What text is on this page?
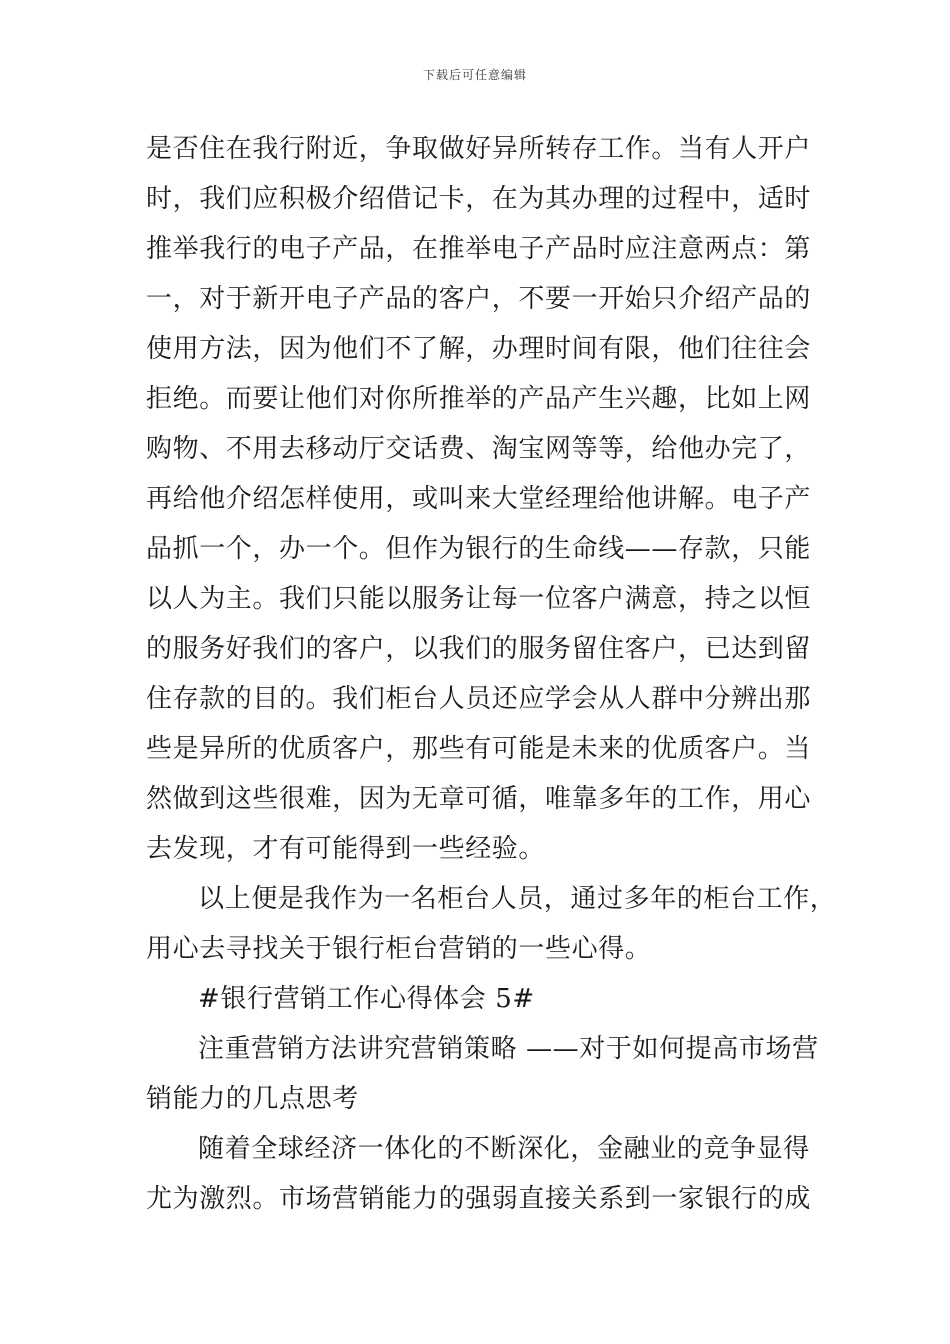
下载后可任意编辑
是否住在我行附近，争取做好异所转存工作。当有人开户
时，我们应积极介绍借记卡，在为其办理的过程中，适时
推举我行的电子产品，在推举电子产品时应注意两点：第
一，对于新开电子产品的客户，不要一开始只介绍产品的
使用方法，因为他们不了解，办理时间有限，他们往往会
拒绝。而要让他们对你所推举的产品产生兴趣，比如上网
购物、不用去移动厅交话费、淘宝网等等，给他办完了，
再给他介绍怎样使用，或叫来大堂经理给他讲解。电子产
品抓一个，办一个。但作为银行的生命线——存款，只能
以人为主。我们只能以服务让每一位客户满意，持之以恒
的服务好我们的客户，以我们的服务留住客户，已达到留
住存款的目的。我们柜台人员还应学会从人群中分辨出那
些是异所的优质客户，那些有可能是未来的优质客户。当
然做到这些很难，因为无章可循，唯靠多年的工作，用心
去发现，才有可能得到一些经验。
以上便是我作为一名柜台人员，通过多年的柜台工作，
用心去寻找关于银行柜台营销的一些心得。
#银行营销工作心得体会 5#
注重营销方法讲究营销策略 ——对于如何提高市场营
销能力的几点思考
随着全球经济一体化的不断深化，金融业的竞争显得
尤为激烈。市场营销能力的强弱直接关系到一家银行的成
